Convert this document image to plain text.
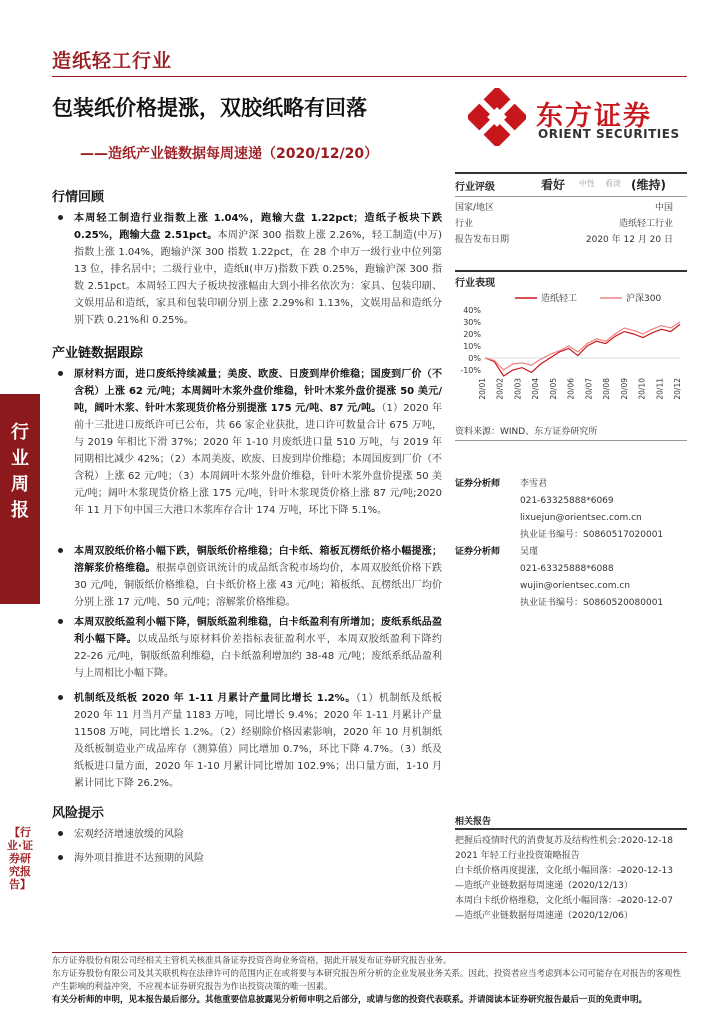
造纸轻工行业
包装纸价格提涨，双胶纸略有回落
——造纸产业链数据每周速递（2020/12/20）
东方证券
ORIENT SECURITIES
行
业
周
报
【行业·证券研究报告】
行情回顾
本周轻工制造行业指数上涨 1.04%，跑输大盘 1.22pct；造纸子板块下跌 0.25%，跑输大盘 2.51pct。本周沪深 300 指数上涨 2.26%，轻工制造(中万)指数上涨 1.04%，跑输沪深 300 指数 1.22pct，在 28 个申万一级行业中位列第 13 位，排名居中；二级行业中，造纸Ⅱ(申万)指数下跌 0.25%，跑输沪深 300 指数 2.51pct。本周轻工四大子板块按涨幅由大到小排名依次为：家具、包装印刷、文娱用品和造纸，家具和包装印刷分别上涨 2.29%和 1.13%，文娱用品和造纸分别下跌 0.21%和 0.25%。
产业链数据跟踪
原材料方面，进口废纸持续减量；美废、欧废、日废到岸价维稳；国废到厂价（不含税）上涨 62 元/吨；本周阔叶木浆外盘价维稳，针叶木浆外盘价提涨 50 美元/吨，阔叶木浆、针叶木浆现货价格分别提涨 175 元/吨、87 元/吨。（1）2020 年前十三批进口废纸许可已公布，共 66 家企业获批，进口许可数量合计 675 万吨，与 2019 年相比下滑 37%；2020 年 1-10 月废纸进口量 510 万吨，与 2019 年同期相比减少 42%；（2）本周美废、欧废、日废到岸价维稳；本周国废到厂价（不含税）上涨 62 元/吨；（3）本周阔叶木浆外盘价维稳，针叶木浆外盘价提涨 50 美元/吨；阔叶木浆现货价格上涨 175 元/吨，针叶木浆现货价格上涨 87 元/吨;2020 年 11 月下旬中国三大港口木浆库存合计 174 万吨，环比下降 5.1%。
本周双胶纸价格小幅下跌，铜版纸价格维稳；白卡纸、箱板瓦楞纸价格小幅提涨；溶解浆价格维稳。根据卓创资讯统计的成品纸含税市场均价，本周双胶纸价格下跌 30 元/吨，铜版纸价格维稳，白卡纸价格上涨 43 元/吨；箱板纸、瓦楞纸出厂均价分别上涨 17 元/吨、50 元/吨；溶解浆价格维稳。
本周双胶纸盈利小幅下降，铜版纸盈利维稳，白卡纸盈利有所增加；废纸系纸品盈利小幅下降。以成品纸与原材料价差指标表征盈利水平，本周双胶纸盈利下降约 22-26 元/吨，铜版纸盈利维稳，白卡纸盈利增加约 38-48 元/吨；废纸系纸品盈利与上周相比小幅下降。
机制纸及纸板 2020 年 1-11 月累计产量同比增长 1.2%。（1）机制纸及纸板 2020 年 11 月当月产量 1183 万吨，同比增长 9.4%；2020 年 1-11 月累计产量 11508 万吨，同比增长 1.2%。（2）经剔除价格因素影响，2020 年 10 月机制纸及纸板制造业产成品库存（测算值）同比增加 0.7%，环比下降 4.7%。（3）纸及纸板进口量方面，2020 年 1-10 月累计同比增加 102.9%；出口量方面，1-10 月累计同比下降 26.2%。
风险提示
宏观经济增速放缓的风险
海外项目推进不达预期的风险
行业评级	看好 中性 看淡 (维持)
国家/地区	中国
行业	造纸轻工行业
报告发布日期	2020 年 12 月 20 日
行业表现
造纸轻工	沪深300
40%
30%
20%
10%
0%
-10%
20/01 20/02 20/03 20/04 20/05 20/06 20/07 20/08 20/09 20/10 20/11 20/12
资料来源：WIND、东方证券研究所
证券分析师 李雪君
021-63325888*6069
lixuejun@orientsec.com.cn
执业证书编号：S0860517020001
证券分析师 吴瑾
021-63325888*6088
wujin@orientsec.com.cn
执业证书编号：S0860520080001
相关报告
把握后疫情时代的消费复苏及结构性机会：
2020-12-18
2021 年轻工行业投资策略报告
白卡纸价格再度提涨，文化纸小幅回落：—
2020-12-13
—造纸产业链数据每周速递（2020/12/13）
本周白卡纸价格维稳，文化纸小幅回落：—
2020-12-07
—造纸产业链数据每周速递（2020/12/06）
东方证券股份有限公司经相关主管机关核准具备证券投资咨询业务资格，据此开展发布证券研究报告业务。
东方证券股份有限公司及其关联机构在法律许可的范围内正在或将要与本研究报告所分析的企业发展业务关系。因此，投资者应当考虑到本公司可能存在对报告的客观性
产生影响的利益冲突，不应视本证券研究报告为作出投资决策的唯一因素。
有关分析师的申明，见本报告最后部分。其他重要信息披露见分析师申明之后部分，或请与您的投资代表联系。并请阅读本证券研究报告最后一页的免责申明。
